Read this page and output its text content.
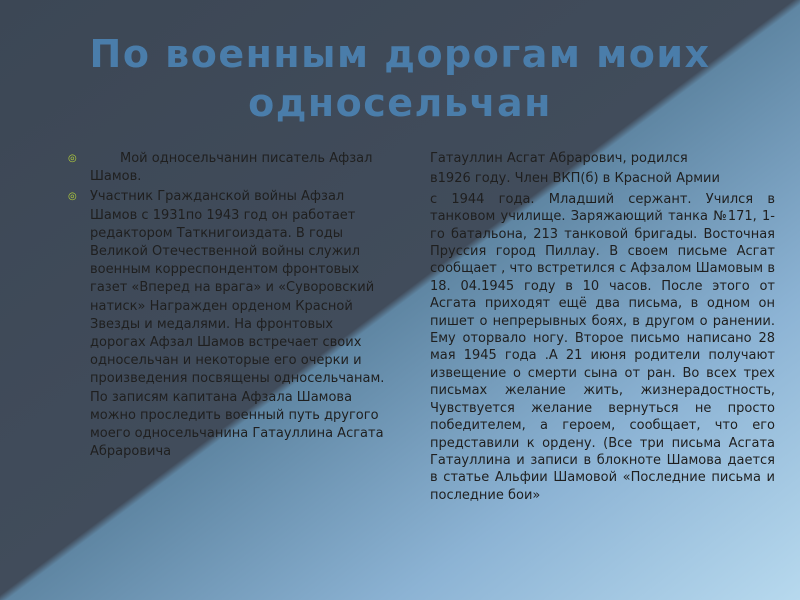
По военным дорогам моих односельчан
◎	Мой односельчанин писатель Афзал Шамов.
◎ Участник Гражданской войны Афзал Шамов с 1931по 1943 год он работает редактором Таткнигоиздата. В годы Великой Отечественной войны служил военным корреспондентом фронтовых газет «Вперед на врага» и «Суворовский натиск» Награжден орденом Красной Звезды и медалями. На фронтовых дорогах Афзал Шамов встречает своих односельчан и некоторые его очерки и произведения посвящены односельчанам. По записям капитана Афзала Шамова можно проследить военный путь другого моего односельчанина Гатауллина Асгата Абраровича

Гатауллин Асгат Абрарович, родился

в1926 году. Член ВКП(б) в Красной Армии

с 1944 года. Младший сержант. Учился в танковом училище. Заряжающий танка №171, 1-го батальона, 213 танковой бригады. Восточная Пруссия город Пиллау. В своем письме Асгат сообщает , что встретился с Афзалом Шамовым в 18. 04.1945 году в 10 часов. После этого от Асгата приходят ещё два письма, в одном он пишет о непрерывных боях, в другом о ранении. Ему оторвало ногу. Второе письмо написано 28 мая 1945 года .А 21 июня родители получают извещение о смерти сына от ран. Во всех трех письмах желание жить, жизнерадостность, Чувствуется желание вернуться не просто победителем, а героем, сообщает, что его представили к ордену. (Все три письма Асгата Гатауллина и записи в блокноте Шамова дается в статье Альфии Шамовой «Последние письма и последние бои»
